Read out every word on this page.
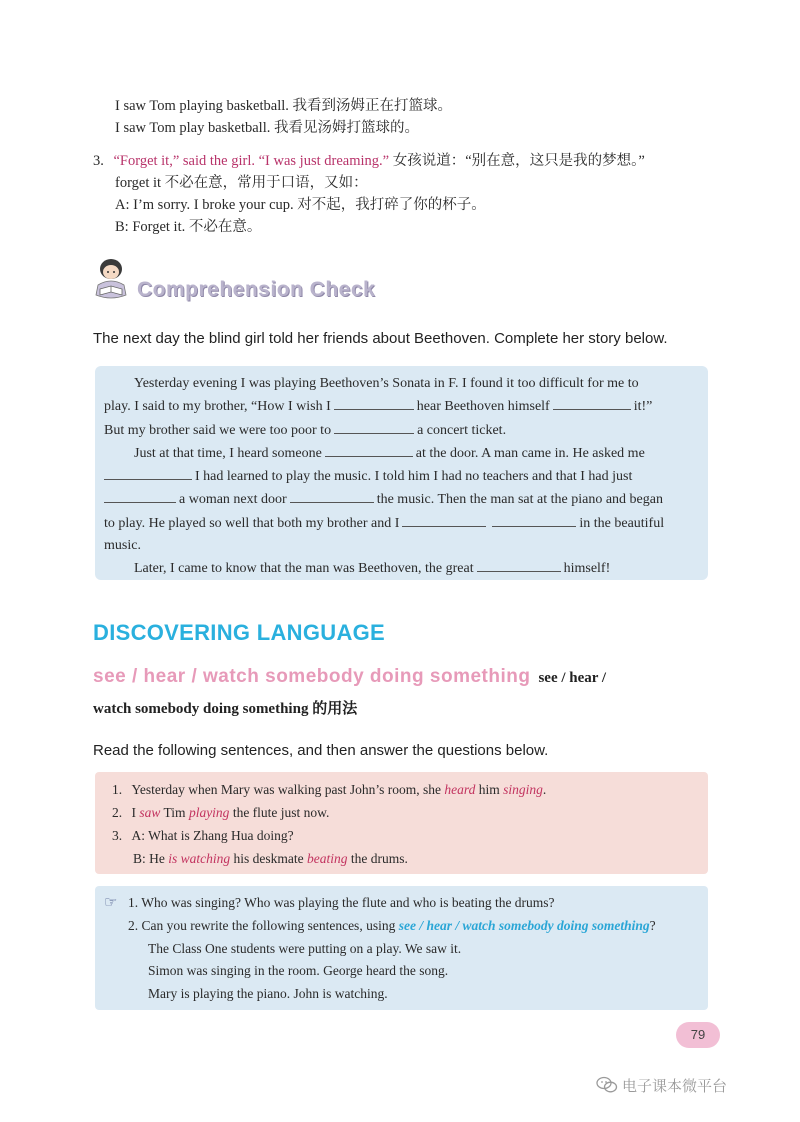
I saw Tom playing basketball. 我看到汤姆正在打篮球。
I saw Tom play basketball. 我看见汤姆打篮球的。
3. “Forget it,” said the girl. “I was just dreaming.” 女孩说道：“别在意，这只是我的梦想。”
forget it 不必在意，常用于口语，又如：
A: I’m sorry. I broke your cup. 对不起，我打碎了你的杯子。
B: Forget it. 不必在意。
Comprehension Check
The next day the blind girl told her friends about Beethoven. Complete her story below.

Yesterday evening I was playing Beethoven’s Sonata in F. I found it too difficult for me to

play. I said to my brother, “How I wish I	hear Beethoven himself	it!”

But my brother said we were too poor to	a concert ticket.

Just at that time, I heard someone	at the door. A man came in. He asked me

I had learned to play the music. I told him I had no teachers and that I had just

a woman next door	the music. Then the man sat at the piano and began

to play. He played so well that both my brother and I	in the beautiful

music.

Later, I came to know that the man was Beethoven, the great	himself!

DISCOVERING LANGUAGE
see / hear / watch somebody doing something see / hear /
watch somebody doing something 的用法
Read the following sentences, and then answer the questions below.
1. Yesterday when Mary was walking past John’s room, she heard him singing.
2. I saw Tim playing the flute just now.
3. A: What is Zhang Hua doing?
B: He is watching his deskmate beating the drums.
☞ 1. Who was singing? Who was playing the flute and who is beating the drums?
2. Can you rewrite the following sentences, using see / hear / watch somebody doing something?
The Class One students were putting on a play. We saw it.
Simon was singing in the room. George heard the song.
Mary is playing the piano. John is watching.
79
电子课本微平台
